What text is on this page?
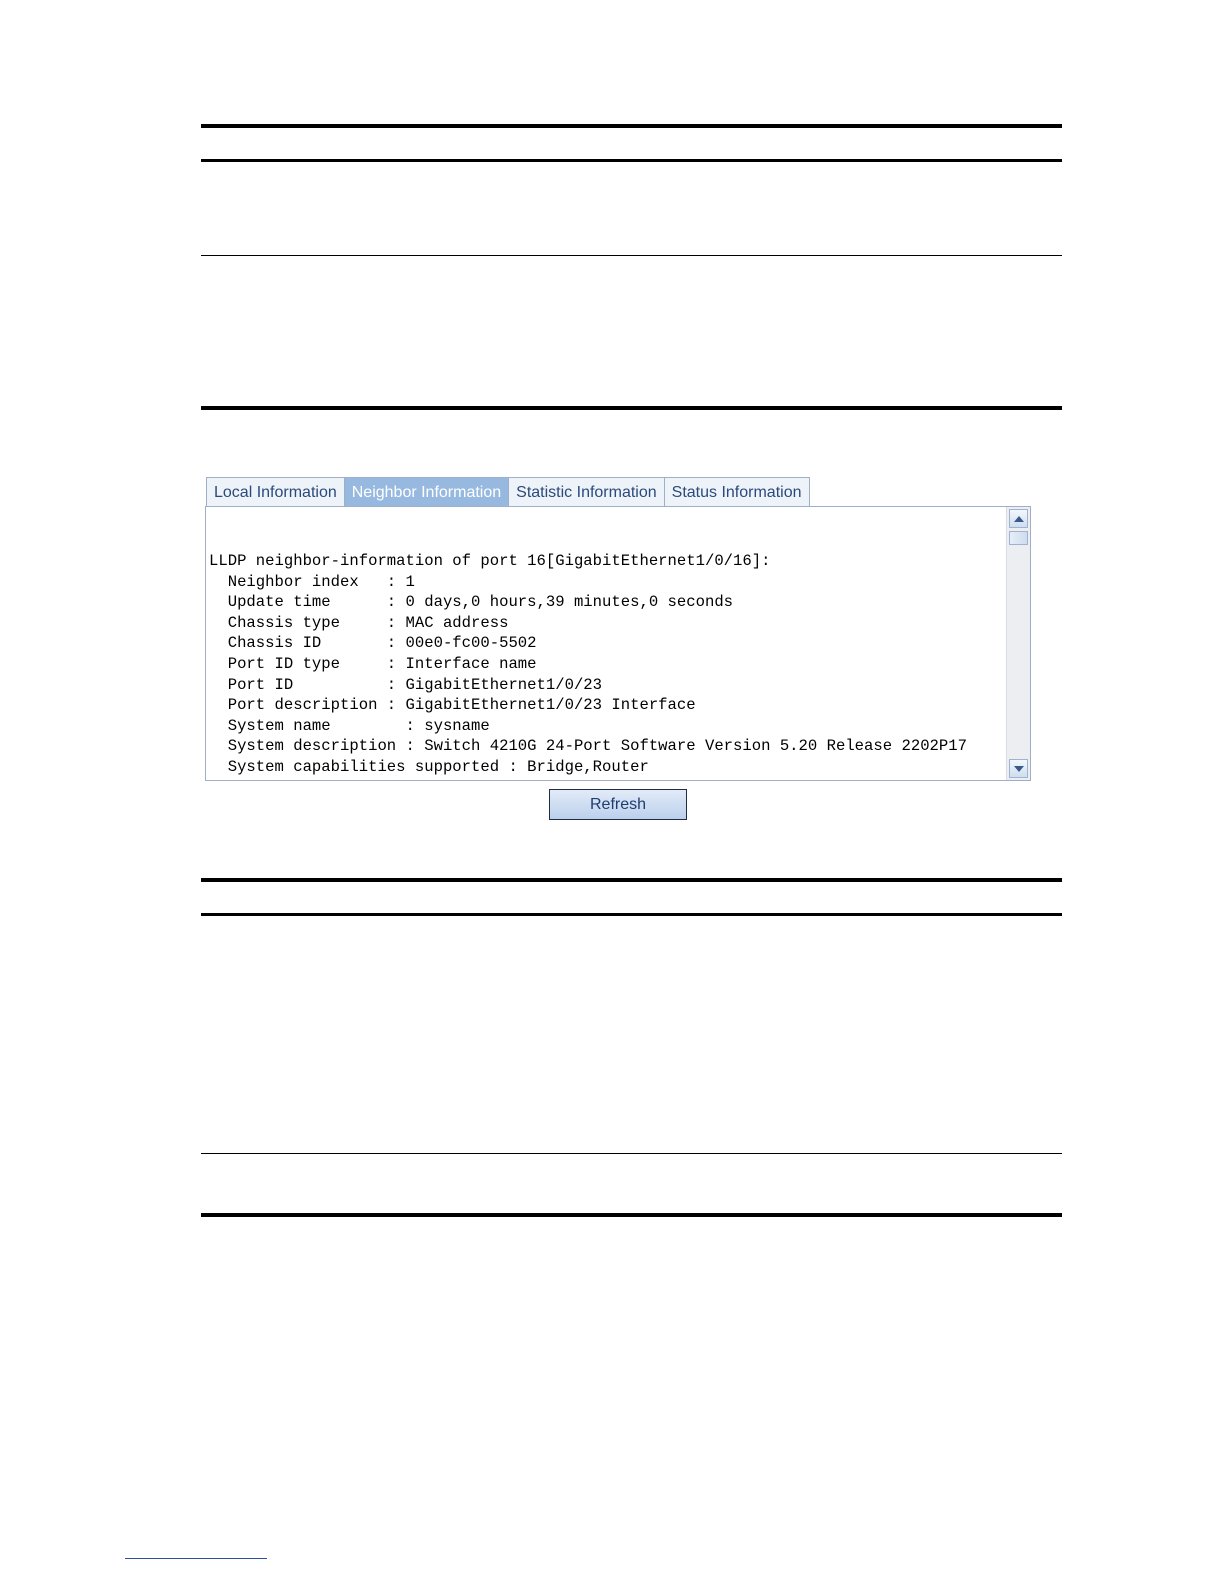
Local Information Neighbor Information Statistic Information Status Information
LLDP neighbor-information of port 16[GigabitEthernet1/0/16]:
Neighbor index   : 1
Update time      : 0 days,0 hours,39 minutes,0 seconds
Chassis type     : MAC address
Chassis ID       : 00e0-fc00-5502
Port ID type     : Interface name
Port ID          : GigabitEthernet1/0/23
Port description : GigabitEthernet1/0/23 Interface
System name        : sysname
System description : Switch 4210G 24-Port Software Version 5.20 Release 2202P17
System capabilities supported : Bridge,Router
Refresh
